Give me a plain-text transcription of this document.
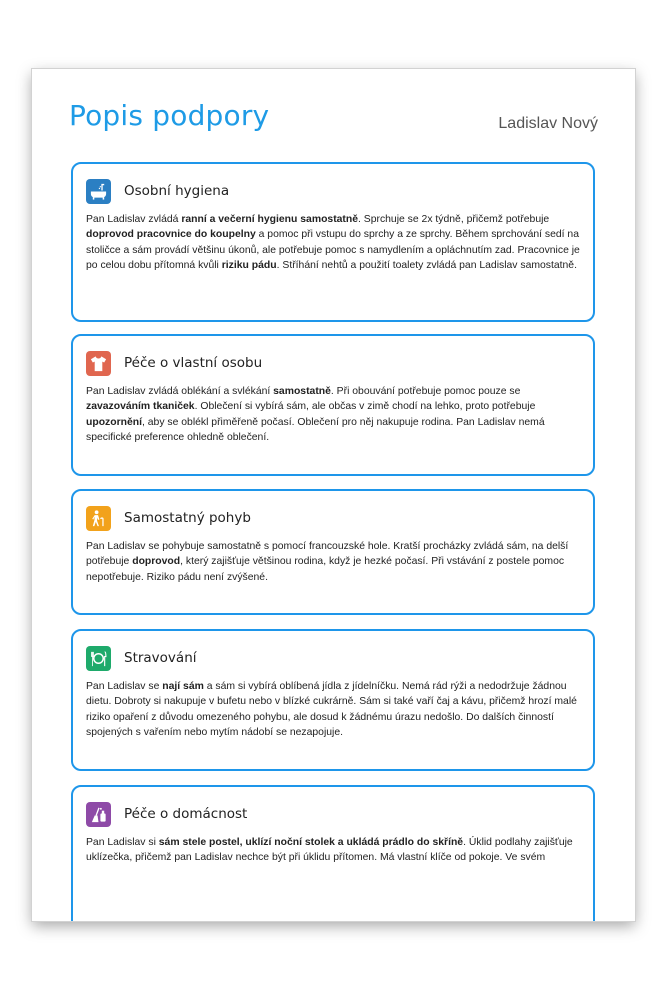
Popis podpory	Ladislav Nový
Osobní hygiena

Pan Ladislav zvládá ranní a večerní hygienu samostatně. Sprchuje se 2x týdně, přičemž potřebuje doprovod pracovnice do koupelny a pomoc při vstupu do sprchy a ze sprchy. Během sprchování sedí na stoličce a sám provádí většinu úkonů, ale potřebuje pomoc s namydlením a opláchnutím zad. Pracovnice je po celou dobu přítomná kvůli riziku pádu. Stříhání nehtů a použití toalety zvládá pan Ladislav samostatně.

Péče o vlastní osobu

Pan Ladislav zvládá oblékání a svlékání samostatně. Při obouvání potřebuje pomoc pouze se zavazováním tkaniček. Oblečení si vybírá sám, ale občas v zimě chodí na lehko, proto potřebuje upozornění, aby se oblékl přiměřeně počasí. Oblečení pro něj nakupuje rodina. Pan Ladislav nemá specifické preference ohledně oblečení.

Samostatný pohyb

Pan Ladislav se pohybuje samostatně s pomocí francouzské hole. Kratší procházky zvládá sám, na delší potřebuje doprovod, který zajišťuje většinou rodina, když je hezké počasí. Při vstávání z postele pomoc nepotřebuje. Riziko pádu není zvýšené.

Stravování

Pan Ladislav se nají sám a sám si vybírá oblíbená jídla z jídelníčku. Nemá rád rýži a nedodržuje žádnou dietu. Dobroty si nakupuje v bufetu nebo v blízké cukrárně. Sám si také vaří čaj a kávu, přičemž hrozí malé riziko opaření z důvodu omezeného pohybu, ale dosud k žádnému úrazu nedošlo. Do dalších činností spojených s vařením nebo mytím nádobí se nezapojuje.

Péče o domácnost

Pan Ladislav si sám stele postel, uklízí noční stolek a ukládá prádlo do skříně. Úklid podlahy zajišťuje uklízečka, přičemž pan Ladislav nechce být při úklidu přítomen. Má vlastní klíče od pokoje. Ve svém
